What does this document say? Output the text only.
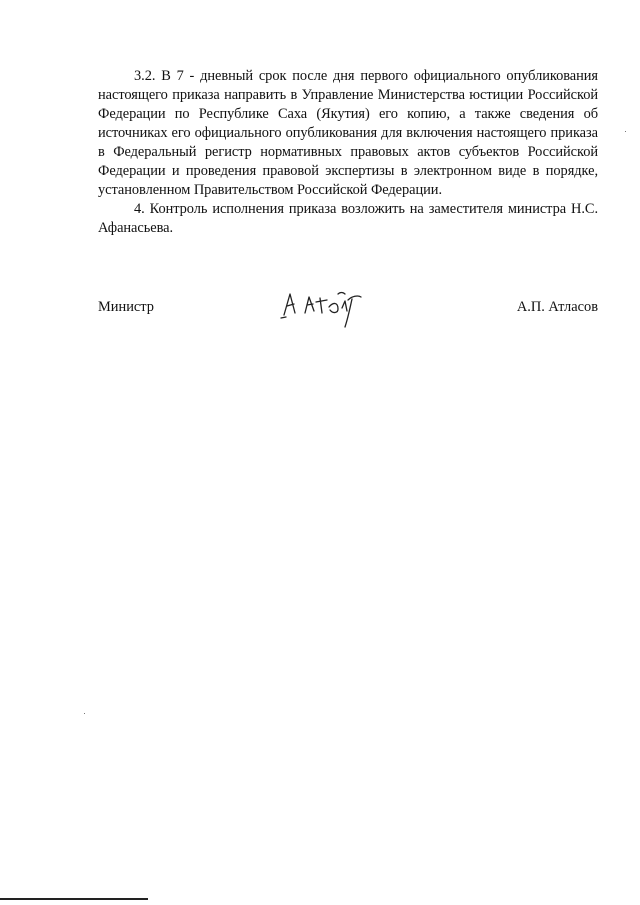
3.2. В 7 - дневный срок после дня первого официального опубликования настоящего приказа направить в Управление Министерства юстиции Российской Федерации по Республике Саха (Якутия) его копию, а также сведения об источниках его официального опубликования для включения настоящего приказа в Федеральный регистр нормативных правовых актов субъектов Российской Федерации и проведения правовой экспертизы в электронном виде в порядке, установленном Правительством Российской Федерации.

4. Контроль исполнения приказа возложить на заместителя министра Н.С. Афанасьева.

Министр	А.П. Атласов
